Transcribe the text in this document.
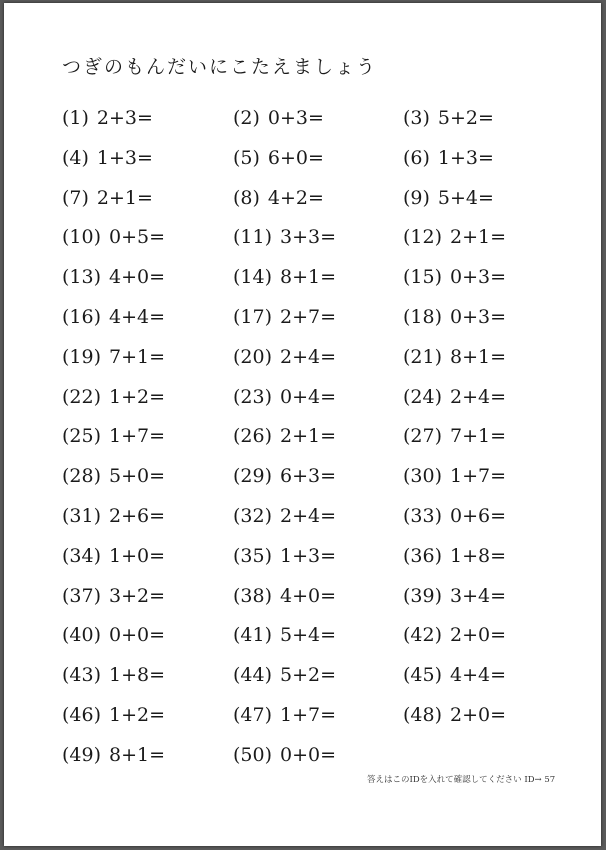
つぎのもんだいにこたえましょう
(1) 2+3=	(2) 0+3=	(3) 5+2=
(4) 1+3=	(5) 6+0=	(6) 1+3=
(7) 2+1=	(8) 4+2=	(9) 5+4=
(10) 0+5=	(11) 3+3=	(12) 2+1=
(13) 4+0=	(14) 8+1=	(15) 0+3=
(16) 4+4=	(17) 2+7=	(18) 0+3=
(19) 7+1=	(20) 2+4=	(21) 8+1=
(22) 1+2=	(23) 0+4=	(24) 2+4=
(25) 1+7=	(26) 2+1=	(27) 7+1=
(28) 5+0=	(29) 6+3=	(30) 1+7=
(31) 2+6=	(32) 2+4=	(33) 0+6=
(34) 1+0=	(35) 1+3=	(36) 1+8=
(37) 3+2=	(38) 4+0=	(39) 3+4=
(40) 0+0=	(41) 5+4=	(42) 2+0=
(43) 1+8=	(44) 5+2=	(45) 4+4=
(46) 1+2=	(47) 1+7=	(48) 2+0=
(49) 8+1=	(50) 0+0=
答えはこのIDを入れて確認してください ID→ 57
